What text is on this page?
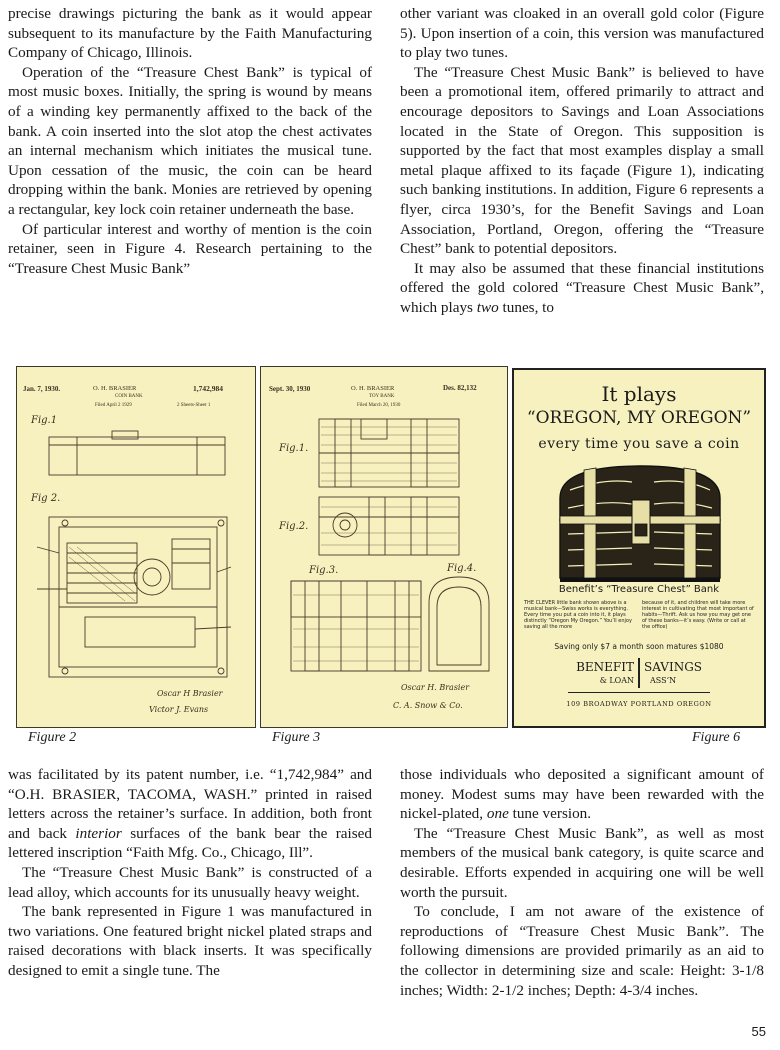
precise drawings picturing the bank as it would appear subsequent to its manufacture by the Faith Manufacturing Company of Chicago, Illinois.

Operation of the “Treasure Chest Bank” is typical of most music boxes. Initially, the spring is wound by means of a winding key permanently affixed to the back of the bank. A coin inserted into the slot atop the chest activates an internal mechanism which initiates the musical tune. Upon cessation of the music, the coin can be heard dropping within the bank. Monies are retrieved by opening a rectangular, key lock coin retainer underneath the base.

Of particular interest and worthy of mention is the coin retainer, seen in Figure 4. Research pertaining to the “Treasure Chest Music Bank”

other variant was cloaked in an overall gold color (Figure 5). Upon insertion of a coin, this version was manufactured to play two tunes.

The “Treasure Chest Music Bank” is believed to have been a promotional item, offered primarily to attract and encourage depositors to Savings and Loan Associations located in the State of Oregon. This supposition is supported by the fact that most examples display a small metal plaque affixed to its façade (Figure 1), indicating such banking institutions. In addition, Figure 6 represents a flyer, circa 1930’s, for the Benefit Savings and Loan Association, Portland, Oregon, offering the “Treasure Chest” bank to potential depositors.

It may also be assumed that these financial institutions offered the gold colored “Treasure Chest Music Bank”, which plays two tunes, to

Jan. 7, 1930.	O. H. BRASIER	1,742,984
COIN BANK
Filed April 2 1929	2 Sheets-Sheet 1
Fig.1
Fig 2.
Oscar H Brasier
Victor J. Evans
Sept. 30, 1930	O. H. BRASIER	Des. 82,132
TOY BANK
Filed March 20, 1930
Fig.1.
Fig.2.
Fig.3.	Fig.4.
Oscar H. Brasier
C. A. Snow & Co.
It plays
“OREGON, MY OREGON”
every time you save a coin
Benefit’s “Treasure Chest” Bank
THE CLEVER little bank shown above is a musical bank—Swiss works is everything. Every time you put a coin into it, it plays distinctly “Oregon My Oregon.” You’ll enjoy saving all the more
because of it, and children will take more interest in cultivating that most important of habits—Thrift. Ask us how you may get one of these banks—it’s easy. (Write or call at the office)
Saving only $7 a month soon matures $1080
BENEFIT
& LOAN
SAVINGS
ASS’N
109 BROADWAY PORTLAND OREGON
Figure 2	Figure 3	Figure 6

was facilitated by its patent number, i.e. “1,742,984” and “O.H. BRASIER, TACOMA, WASH.” printed in raised letters across the retainer’s surface. In addition, both front and back interior surfaces of the bank bear the raised lettered inscription “Faith Mfg. Co., Chicago, Ill”.

The “Treasure Chest Music Bank” is constructed of a lead alloy, which accounts for its unusually heavy weight.

The bank represented in Figure 1 was manufactured in two variations. One featured bright nickel plated straps and raised decorations with black inserts. It was specifically designed to emit a single tune. The

those individuals who deposited a significant amount of money. Modest sums may have been rewarded with the nickel-plated, one tune version.

The “Treasure Chest Music Bank”, as well as most members of the musical bank category, is quite scarce and desirable. Efforts expended in acquiring one will be well worth the pursuit.

To conclude, I am not aware of the existence of reproductions of “Treasure Chest Music Bank”. The following dimensions are provided primarily as an aid to the collector in determining size and scale: Height: 3-1/8 inches; Width: 2-1/2 inches; Depth: 4-3/4 inches.

55
